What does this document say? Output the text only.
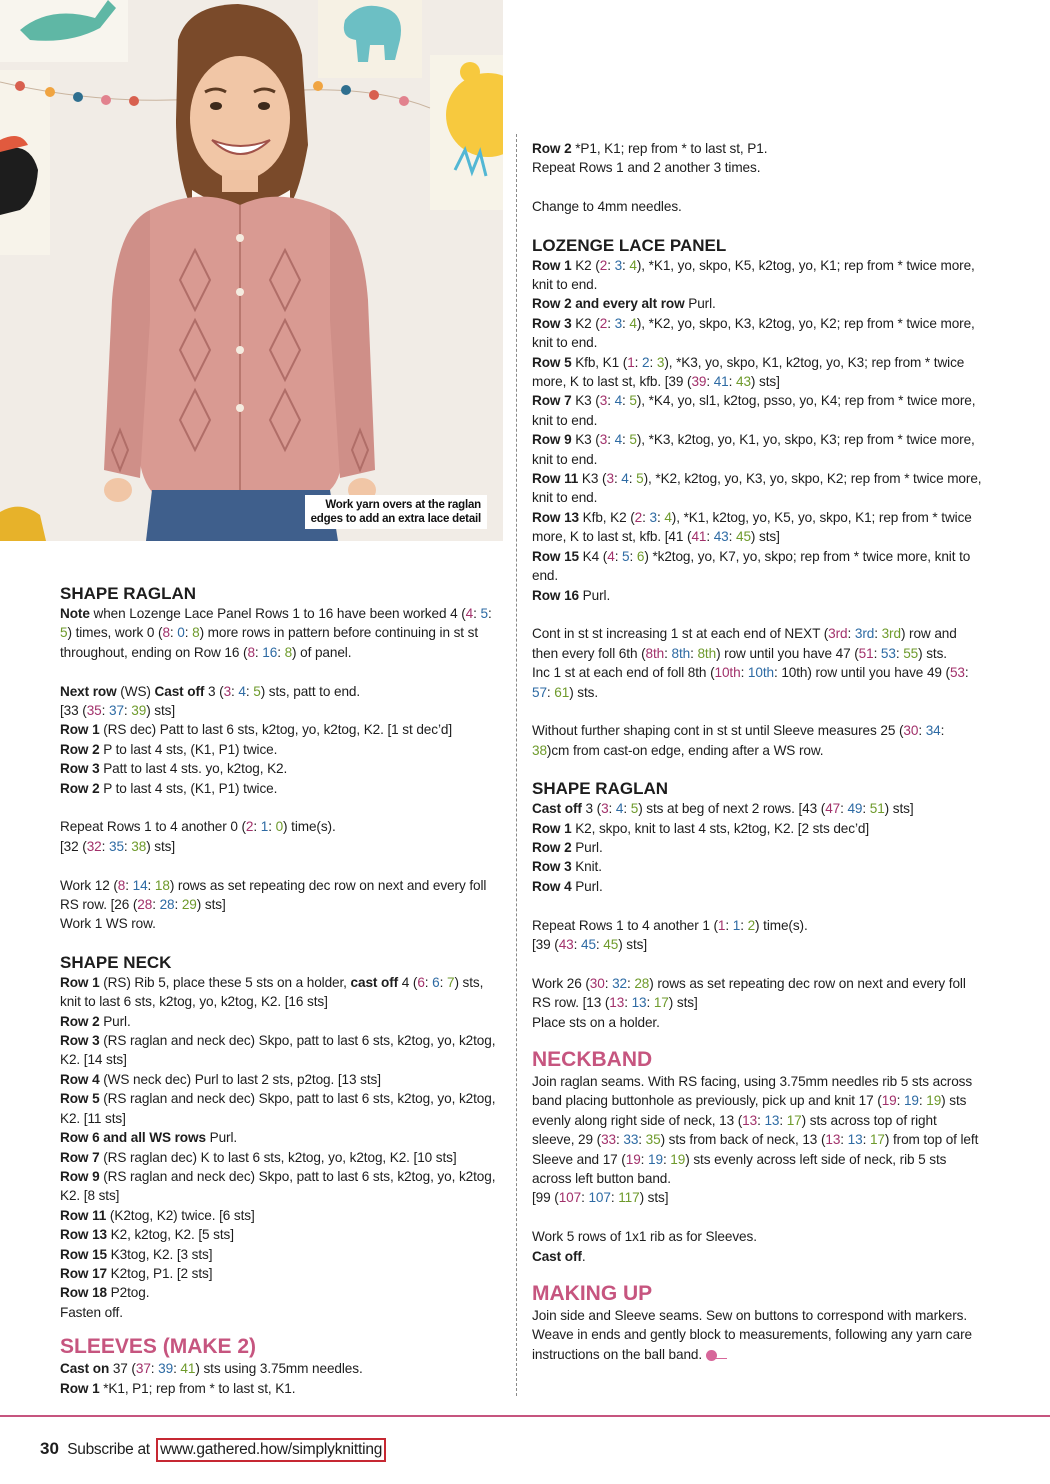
Work yarn overs at the raglan
edges to add an extra lace detail
SHAPE RAGLAN

Note when Lozenge Lace Panel Rows 1 to 16 have been worked 4 (4: 5: 5) times, work 0 (8: 0: 8) more rows in pattern before continuing in st st throughout, ending on Row 16 (8: 16: 8) of panel.

Next row (WS) Cast off 3 (3: 4: 5) sts, patt to end.

[33 (35: 37: 39) sts]

Row 1 (RS dec) Patt to last 6 sts, k2tog, yo, k2tog, K2. [1 st dec’d]

Row 2 P to last 4 sts, (K1, P1) twice.

Row 3 Patt to last 4 sts. yo, k2tog, K2.

Row 2 P to last 4 sts, (K1, P1) twice.

Repeat Rows 1 to 4 another 0 (2: 1: 0) time(s).

[32 (32: 35: 38) sts]

Work 12 (8: 14: 18) rows as set repeating dec row on next and every foll RS row. [26 (28: 28: 29) sts]

Work 1 WS row.

SHAPE NECK

Row 1 (RS) Rib 5, place these 5 sts on a holder, cast off 4 (6: 6: 7) sts, knit to last 6 sts, k2tog, yo, k2tog, K2. [16 sts]

Row 2 Purl.

Row 3 (RS raglan and neck dec) Skpo, patt to last 6 sts, k2tog, yo, k2tog, K2. [14 sts]

Row 4 (WS neck dec) Purl to last 2 sts, p2tog. [13 sts]

Row 5 (RS raglan and neck dec) Skpo, patt to last 6 sts, k2tog, yo, k2tog, K2. [11 sts]

Row 6 and all WS rows Purl.

Row 7 (RS raglan dec) K to last 6 sts, k2tog, yo, k2tog, K2. [10 sts]

Row 9 (RS raglan and neck dec) Skpo, patt to last 6 sts, k2tog, yo, k2tog, K2. [8 sts]

Row 11 (K2tog, K2) twice. [6 sts]

Row 13 K2, k2tog, K2. [5 sts]

Row 15 K3tog, K2. [3 sts]

Row 17 K2tog, P1. [2 sts]

Row 18 P2tog.

Fasten off.

SLEEVES (MAKE 2)

Cast on 37 (37: 39: 41) sts using 3.75mm needles.

Row 1 *K1, P1; rep from * to last st, K1.

Row 2 *P1, K1; rep from * to last st, P1.

Repeat Rows 1 and 2 another 3 times.

Change to 4mm needles.

LOZENGE LACE PANEL

Row 1 K2 (2: 3: 4), *K1, yo, skpo, K5, k2tog, yo, K1; rep from * twice more, knit to end.

Row 2 and every alt row Purl.

Row 3 K2 (2: 3: 4), *K2, yo, skpo, K3, k2tog, yo, K2; rep from * twice more, knit to end.

Row 5 Kfb, K1 (1: 2: 3), *K3, yo, skpo, K1, k2tog, yo, K3; rep from * twice more, K to last st, kfb. [39 (39: 41: 43) sts]

Row 7 K3 (3: 4: 5), *K4, yo, sl1, k2tog, psso, yo, K4; rep from * twice more, knit to end.

Row 9 K3 (3: 4: 5), *K3, k2tog, yo, K1, yo, skpo, K3; rep from * twice more, knit to end.

Row 11 K3 (3: 4: 5), *K2, k2tog, yo, K3, yo, skpo, K2; rep from * twice more, knit to end.

Row 13 Kfb, K2 (2: 3: 4), *K1, k2tog, yo, K5, yo, skpo, K1; rep from * twice more, K to last st, kfb. [41 (41: 43: 45) sts]

Row 15 K4 (4: 5: 6) *k2tog, yo, K7, yo, skpo; rep from * twice more, knit to end.

Row 16 Purl.

Cont in st st increasing 1 st at each end of NEXT (3rd: 3rd: 3rd) row and then every foll 6th (8th: 8th: 8th) row until you have 47 (51: 53: 55) sts.

Inc 1 st at each end of foll 8th (10th: 10th: 10th) row until you have 49 (53: 57: 61) sts.

Without further shaping cont in st st until Sleeve measures 25 (30: 34: 38)cm from cast-on edge, ending after a WS row.

SHAPE RAGLAN

Cast off 3 (3: 4: 5) sts at beg of next 2 rows. [43 (47: 49: 51) sts]

Row 1 K2, skpo, knit to last 4 sts, k2tog, K2. [2 sts dec’d]

Row 2 Purl.

Row 3 Knit.

Row 4 Purl.

Repeat Rows 1 to 4 another 1 (1: 1: 2) time(s).

[39 (43: 45: 45) sts]

Work 26 (30: 32: 28) rows as set repeating dec row on next and every foll RS row. [13 (13: 13: 17) sts]

Place sts on a holder.

NECKBAND

Join raglan seams. With RS facing, using 3.75mm needles rib 5 sts across band placing buttonhole as previously, pick up and knit 17 (19: 19: 19) sts evenly along right side of neck, 13 (13: 13: 17) sts across top of right sleeve, 29 (33: 33: 35) sts from back of neck, 13 (13: 13: 17) from top of left Sleeve and 17 (19: 19: 19) sts evenly across left side of neck, rib 5 sts across left button band.

[99 (107: 107: 117) sts]

Work 5 rows of 1x1 rib as for Sleeves.

Cast off.

MAKING UP

Join side and Sleeve seams. Sew on buttons to correspond with markers. Weave in ends and gently block to measurements, following any yarn care instructions on the ball band.

30 Subscribe at www.gathered.how/simplyknitting
